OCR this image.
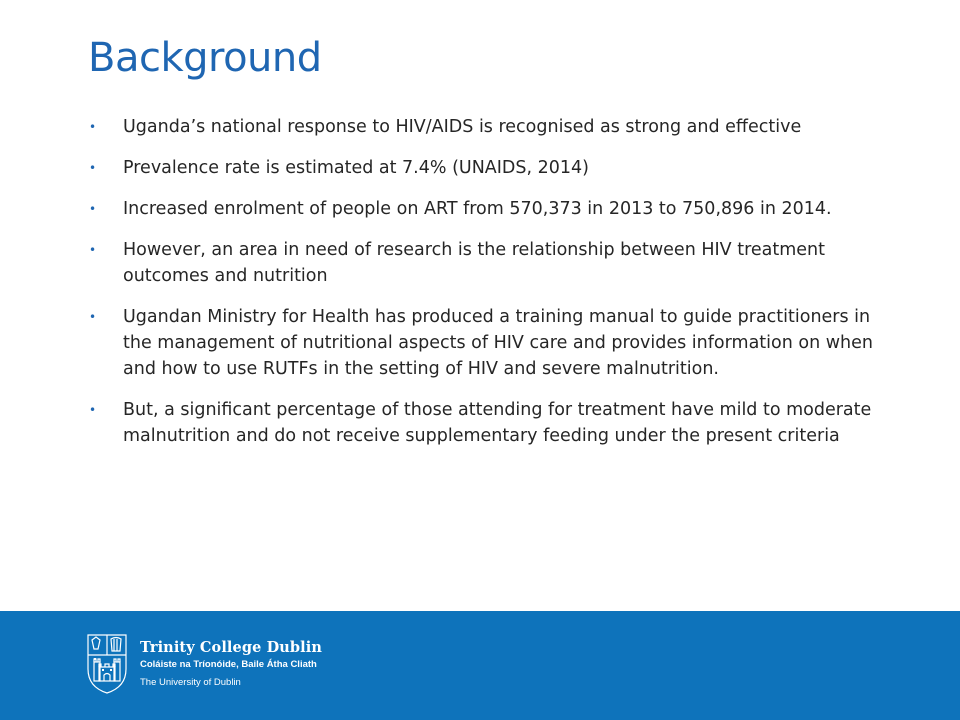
Background
• Uganda’s national response to HIV/AIDS is recognised as strong and effective
• Prevalence rate is estimated at 7.4% (UNAIDS, 2014)
• Increased enrolment of people on ART from 570,373 in 2013 to 750,896 in 2014.
• However, an area in need of research is the relationship between HIV treatment outcomes and nutrition
• Ugandan Ministry for Health has produced a training manual to guide practitioners in the management of nutritional aspects of HIV care and provides information on when and how to use RUTFs in the setting of HIV and severe malnutrition.
• But, a significant percentage of those attending for treatment have mild to moderate malnutrition and do not receive supplementary feeding under the present criteria
Trinity College Dublin
Coláiste na Tríonóide, Baile Átha Cliath
The University of Dublin
